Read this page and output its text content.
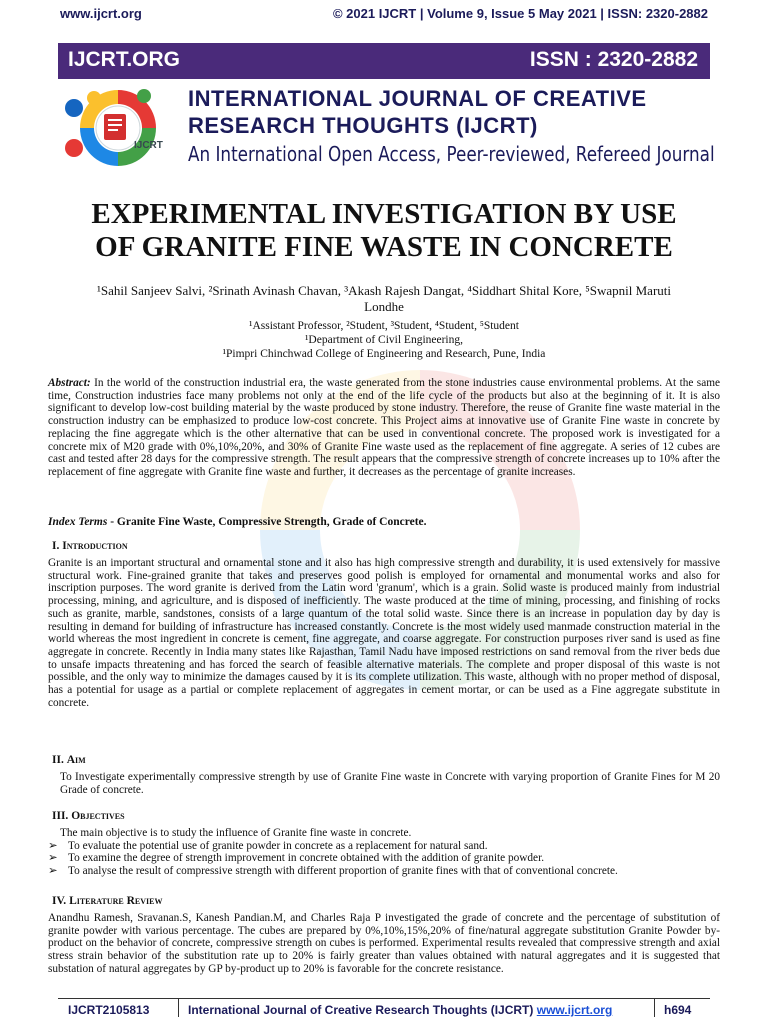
www.ijcrt.org	© 2021 IJCRT | Volume 9, Issue 5 May 2021 | ISSN: 2320-2882
IJCRT.ORG	ISSN : 2320-2882
IJCRT
INTERNATIONAL JOURNAL OF CREATIVE
RESEARCH THOUGHTS (IJCRT)
An International Open Access, Peer-reviewed, Refereed Journal
EXPERIMENTAL INVESTIGATION BY USE
OF GRANITE FINE WASTE IN CONCRETE
¹Sahil Sanjeev Salvi, ²Srinath Avinash Chavan, ³Akash Rajesh Dangat, ⁴Siddhart Shital Kore, ⁵Swapnil Maruti
Londhe
¹Assistant Professor, ²Student, ³Student, ⁴Student, ⁵Student
¹Department of Civil Engineering,
¹Pimpri Chinchwad College of Engineering and Research, Pune, India
Abstract: In the world of the construction industrial era, the waste generated from the stone industries cause environmental problems. At the same time, Construction industries face many problems not only at the end of the life cycle of the products but also at the beginning of it. It is also significant to develop low-cost building material by the waste produced by stone industry. Therefore, the reuse of Granite fine waste material in the construction industry can be emphasized to produce low-cost concrete. This Project aims at innovative use of Granite Fine waste in concrete by replacing the fine aggregate which is the other alternative that can be used in conventional concrete. The proposed work is investigated for a concrete mix of M20 grade with 0%,10%,20%, and 30% of Granite Fine waste used as the replacement of fine aggregate. A series of 12 cubes are cast and tested after 28 days for the compressive strength. The result appears that the compressive strength of concrete increases up to 10% after the replacement of fine aggregate with Granite fine waste and further, it decreases as the percentage of granite increases.
Index Terms - Granite Fine Waste, Compressive Strength, Grade of Concrete.
I. Introduction
Granite is an important structural and ornamental stone and it also has high compressive strength and durability, it is used extensively for massive structural work. Fine-grained granite that takes and preserves good polish is employed for ornamental and monumental works and also for inscription purposes. The word granite is derived from the Latin word 'granum', which is a grain. Solid waste is produced mainly from industrial processing, mining, and agriculture, and is disposed of inefficiently. The waste produced at the time of mining, processing, and finishing of rocks such as granite, marble, sandstones, consists of a large quantum of the total solid waste. Since there is an increase in population day by day is resulting in demand for building of infrastructure has increased constantly. Concrete is the most widely used manmade construction material in the world whereas the most ingredient in concrete is cement, fine aggregate, and coarse aggregate. For construction purposes river sand is used as fine aggregate in concrete. Recently in India many states like Rajasthan, Tamil Nadu have imposed restrictions on sand removal from the river beds due to unsafe impacts threatening and has forced the search of feasible alternative materials. The complete and proper disposal of this waste is not possible, and the only way to minimize the damages caused by it is its complete utilization. This waste, although with no proper method of disposal, has a potential for usage as a partial or complete replacement of aggregates in cement mortar, or can be used as a Fine aggregate substitute in concrete.
II. Aim
To Investigate experimentally compressive strength by use of Granite Fine waste in Concrete with varying proportion of Granite Fines for M 20 Grade of concrete.
III. Objectives
The main objective is to study the influence of Granite fine waste in concrete.
➢ To evaluate the potential use of granite powder in concrete as a replacement for natural sand.
➢ To examine the degree of strength improvement in concrete obtained with the addition of granite powder.
➢ To analyse the result of compressive strength with different proportion of granite fines with that of conventional concrete.
IV. Literature Review
Anandhu Ramesh, Sravanan.S, Kanesh Pandian.M, and Charles Raja P investigated the grade of concrete and the percentage of substitution of granite powder with various percentage. The cubes are prepared by 0%,10%,15%,20% of fine/natural aggregate substitution Granite Powder by-product on the behavior of concrete, compressive strength on cubes is performed. Experimental results revealed that compressive strength and axial stress strain behavior of the substitution rate up to 20% is fairly greater than values obtained with natural aggregates and it is suggested that substation of natural aggregates by GP by-product up to 20% is favorable for the concrete resistance.
IJCRT2105813	International Journal of Creative Research Thoughts (IJCRT) www.ijcrt.org	h694
